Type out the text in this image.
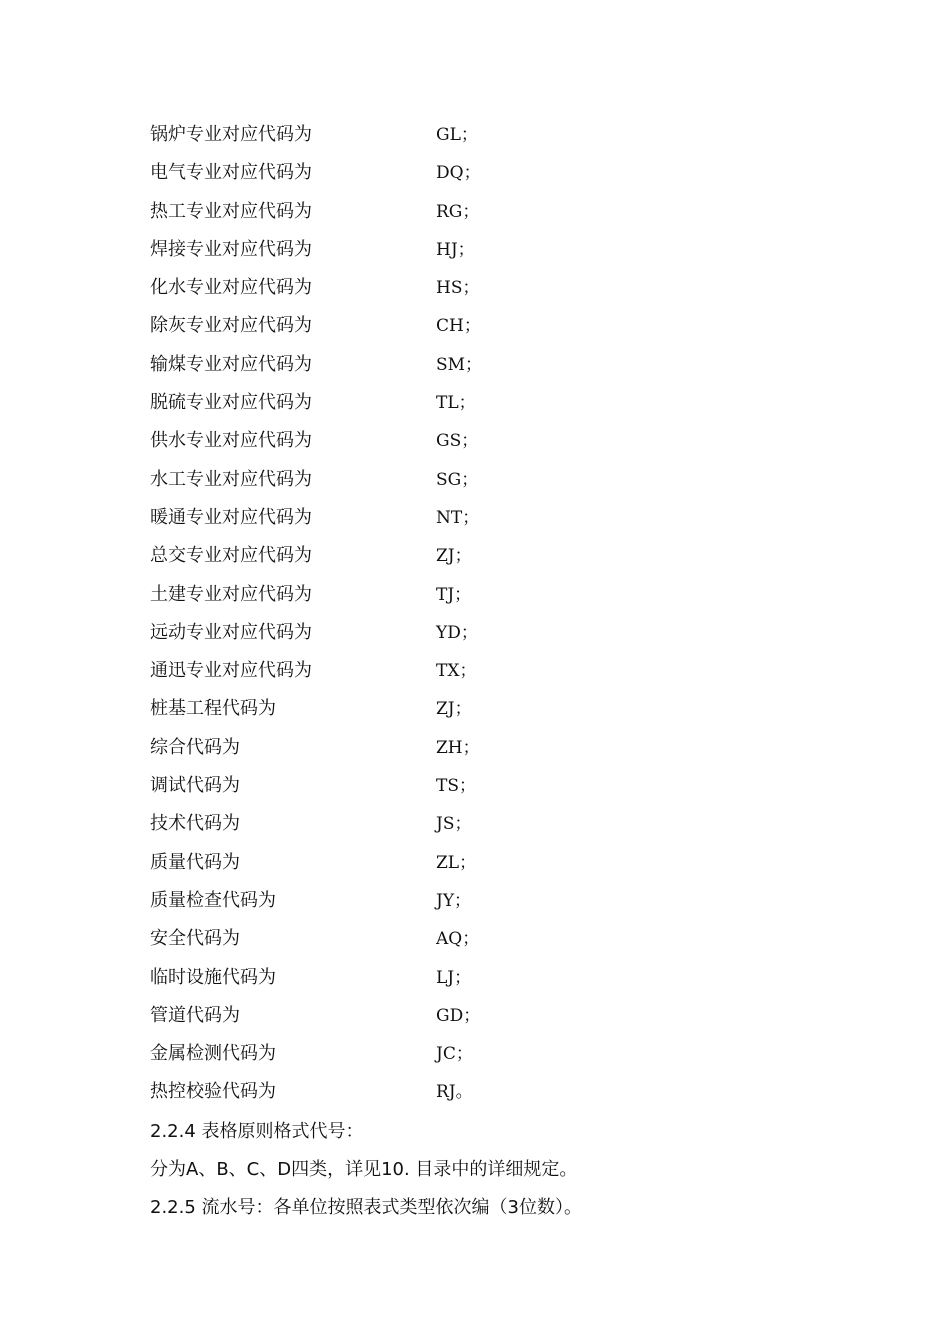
锅炉专业对应代码为	GL；
电气专业对应代码为	DQ；
热工专业对应代码为	RG；
焊接专业对应代码为	HJ；
化水专业对应代码为	HS；
除灰专业对应代码为	CH；
输煤专业对应代码为	SM；
脱硫专业对应代码为	TL；
供水专业对应代码为	GS；
水工专业对应代码为	SG；
暖通专业对应代码为	NT；
总交专业对应代码为	ZJ；
土建专业对应代码为	TJ；
远动专业对应代码为	YD；
通迅专业对应代码为	TX；
桩基工程代码为	ZJ；
综合代码为	ZH；
调试代码为	TS；
技术代码为	JS；
质量代码为	ZL；
质量检查代码为	JY；
安全代码为	AQ；
临时设施代码为	LJ；
管道代码为	GD；
金属检测代码为	JC；
热控校验代码为	RJ。
2.2.4 表格原则格式代号：
分为A、B、C、D四类，详见10. 目录中的详细规定。
2.2.5 流水号：各单位按照表式类型依次编（3位数）。
